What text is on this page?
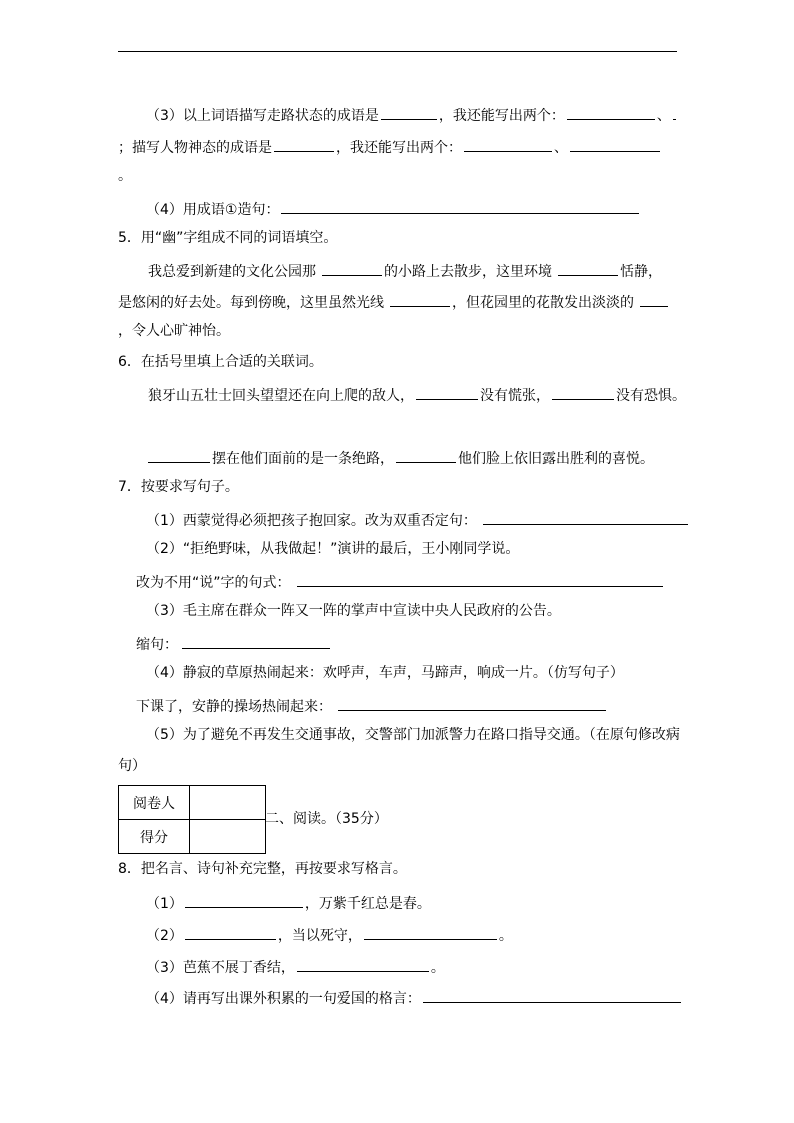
（3）以上词语描写走路状态的成语是	，我还能写出两个：	、
；描写人物神态的成语是	，我还能写出两个：	、
。
（4）用成语①造句：
5．用“幽”字组成不同的词语填空。
我总爱到新建的文化公园那	的小路上去散步，这里环境	恬静，
是悠闲的好去处。每到傍晚，这里虽然光线	，但花园里的花散发出淡淡的
，令人心旷神怡。
6．在括号里填上合适的关联词。
狼牙山五壮士回头望望还在向上爬的敌人，	没有慌张，	没有恐惧。
摆在他们面前的是一条绝路，	他们脸上依旧露出胜利的喜悦。
7．按要求写句子。
（1）西蒙觉得必须把孩子抱回家。改为双重否定句：
（2）“拒绝野味，从我做起！”演讲的最后，王小刚同学说。
改为不用“说”字的句式：
（3）毛主席在群众一阵又一阵的掌声中宣读中央人民政府的公告。
缩句：
（4）静寂的草原热闹起来：欢呼声，车声，马蹄声，响成一片。（仿写句子）
下课了，安静的操场热闹起来：
（5）为了避免不再发生交通事故，交警部门加派警力在路口指导交通。（在原句修改病
句）
阅卷人	
得分	
二、阅读。（35分）
8．把名言、诗句补充完整，再按要求写格言。
（1）	，万紫千红总是春。
（2）	，当以死守，	。
（3）芭蕉不展丁香结，	。
（4）请再写出课外积累的一句爱国的格言：
